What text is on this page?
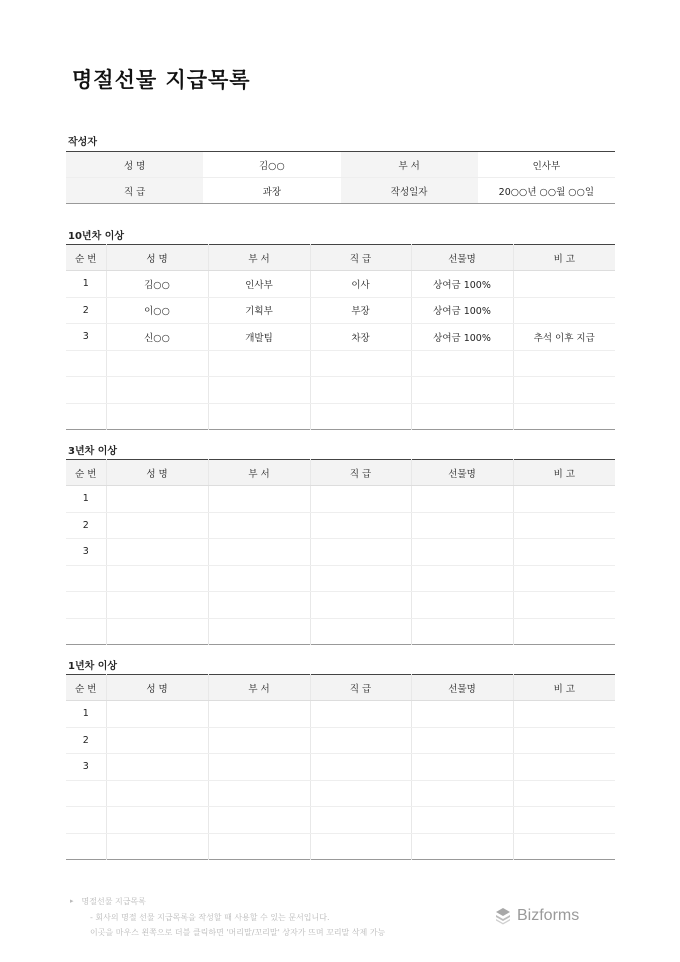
명절선물 지급목록
작성자
성 명	김○○	부 서	인사부
직 급	과장	작성일자	20○○년 ○○월 ○○일
10년차 이상
순 번	성 명	부 서	직 급	선물명	비 고
1	김○○	인사부	이사	상여금 100%	
2	이○○	기획부	부장	상여금 100%	
3	신○○	개발팀	차장	상여금 100%	추석 이후 지급

3년차 이상
순 번	성 명	부 서	직 급	선물명	비 고
1					
2					
3					

1년차 이상
순 번	성 명	부 서	직 급	선물명	비 고
1					
2					
3					

▸ 명절선물 지급목록
- 회사의 명절 선물 지급목록을 작성할 때 사용할 수 있는 문서입니다.
이곳을 마우스 왼쪽으로 더블 클릭하면 '머리말/꼬리말' 상자가 뜨며 꼬리말 삭제 가능
Bizforms
